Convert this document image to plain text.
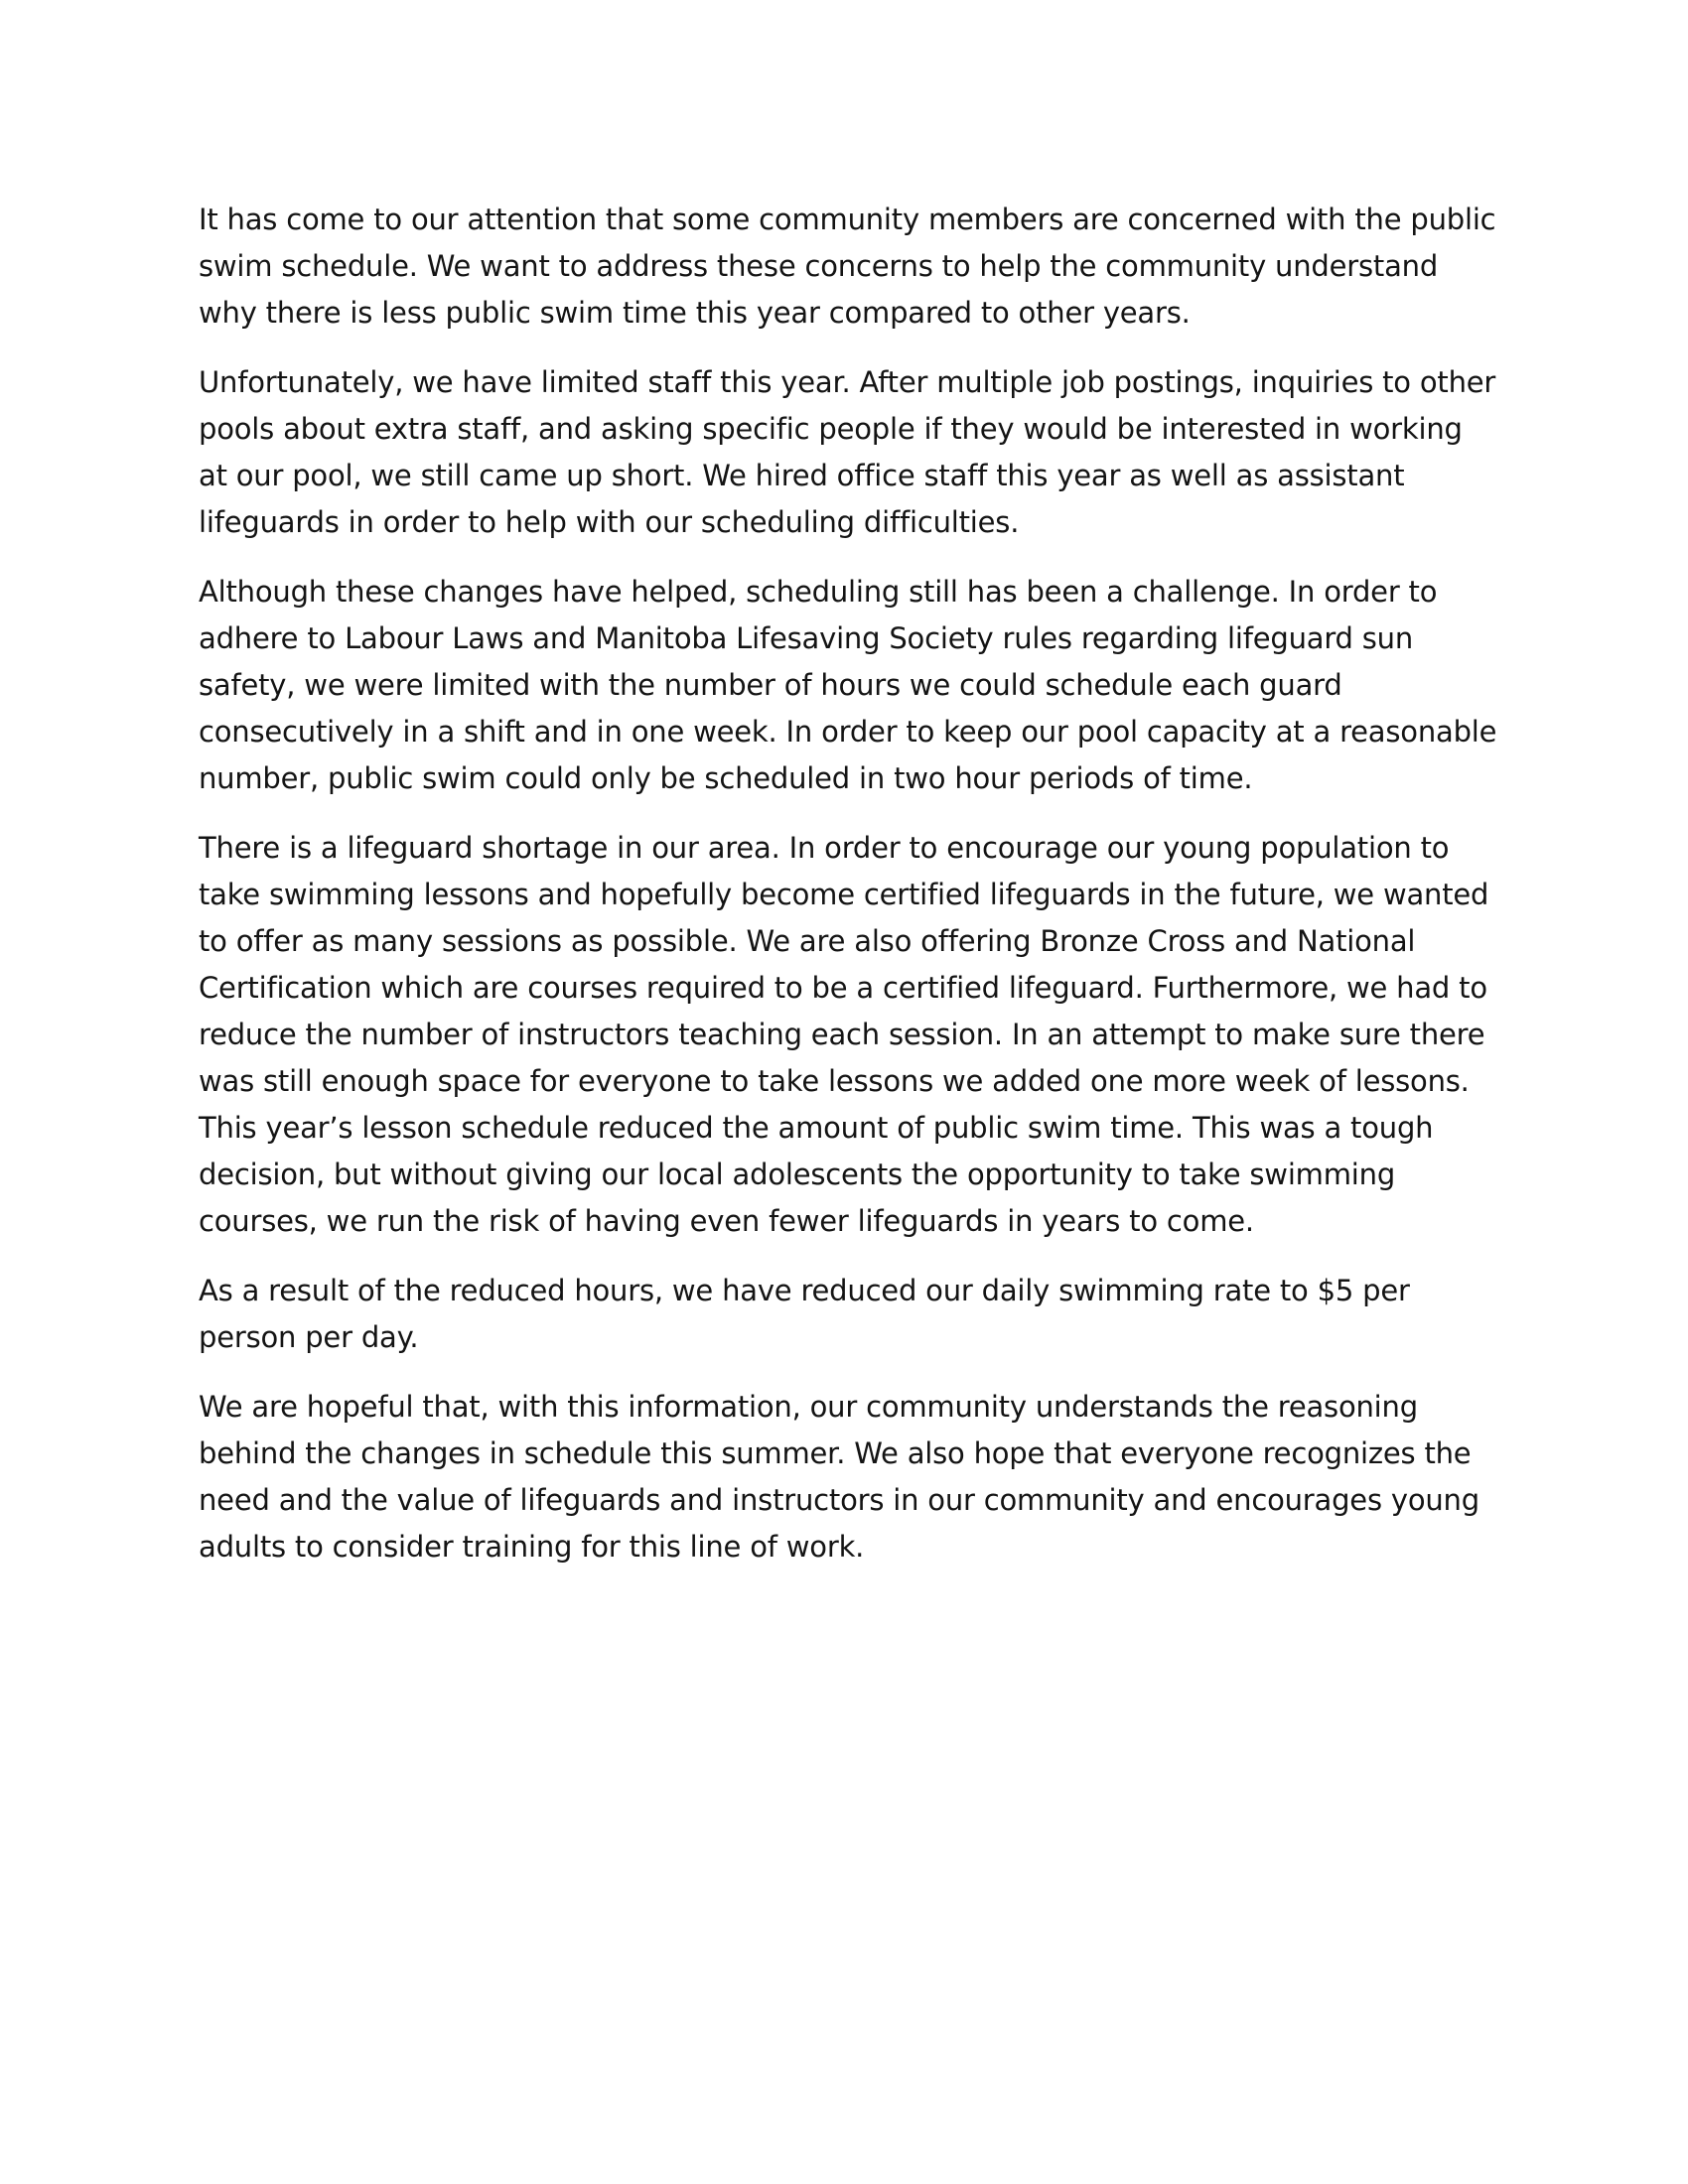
It has come to our attention that some community members are concerned with the public swim schedule. We want to address these concerns to help the community understand why there is less public swim time this year compared to other years.

Unfortunately, we have limited staff this year. After multiple job postings, inquiries to other pools about extra staff, and asking specific people if they would be interested in working at our pool, we still came up short. We hired office staff this year as well as assistant lifeguards in order to help with our scheduling difficulties.

Although these changes have helped, scheduling still has been a challenge. In order to adhere to Labour Laws and Manitoba Lifesaving Society rules regarding lifeguard sun safety, we were limited with the number of hours we could schedule each guard consecutively in a shift and in one week. In order to keep our pool capacity at a reasonable number, public swim could only be scheduled in two hour periods of time.

There is a lifeguard shortage in our area. In order to encourage our young population to take swimming lessons and hopefully become certified lifeguards in the future, we wanted to offer as many sessions as possible. We are also offering Bronze Cross and National Certification which are courses required to be a certified lifeguard. Furthermore, we had to reduce the number of instructors teaching each session. In an attempt to make sure there was still enough space for everyone to take lessons we added one more week of lessons. This year’s lesson schedule reduced the amount of public swim time. This was a tough decision, but without giving our local adolescents the opportunity to take swimming courses, we run the risk of having even fewer lifeguards in years to come.

As a result of the reduced hours, we have reduced our daily swimming rate to $5 per person per day.

We are hopeful that, with this information, our community understands the reasoning behind the changes in schedule this summer. We also hope that everyone recognizes the need and the value of lifeguards and instructors in our community and encourages young adults to consider training for this line of work.
